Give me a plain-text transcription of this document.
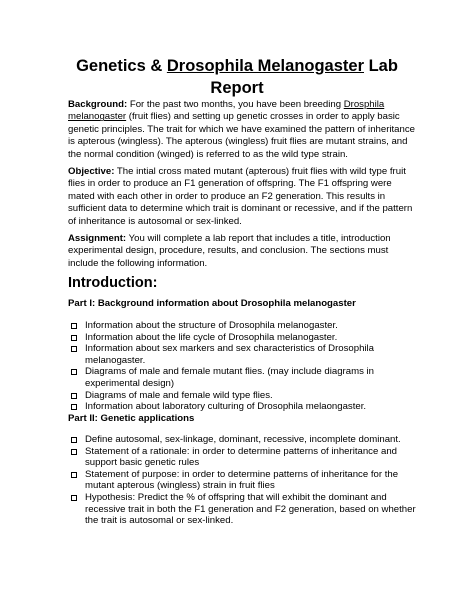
Genetics & Drosophila Melanogaster Lab
Report

Background: For the past two months, you have been breeding Drosphila melanogaster (fruit flies) and setting up genetic crosses in order to apply basic genetic principles. The trait for which we have examined the pattern of inheritance is apterous (wingless). The apterous (wingless) fruit flies are mutant strains, and the normal condition (winged) is referred to as the wild type strain.

Objective: The intial cross mated mutant (apterous) fruit flies with wild type fruit flies in order to produce an F1 generation of offspring. The F1 offspring were mated with each other in order to produce an F2 generation. This results in sufficient data to determine which trait is dominant or recessive, and if the pattern of inheritance is autosomal or sex-linked.

Assignment: You will complete a lab report that includes a title, introduction experimental design, procedure, results, and conclusion. The sections must include the following information.

Introduction:

Part I: Background information about Drosophila melanogaster

Information about the structure of Drosophila melanogaster.
Information about the life cycle of Drosophila melanogaster.
Information about sex markers and sex characteristics of Drosophila melanogaster.
Diagrams of male and female mutant flies. (may include diagrams in experimental design)
Diagrams of male and female wild type flies.
Information about laboratory culturing of Drosophila melaongaster.

Part II: Genetic applications

Define autosomal, sex-linkage, dominant, recessive, incomplete dominant.
Statement of a rationale: in order to determine patterns of inheritance and support basic genetic rules
Statement of purpose: in order to determine patterns of inheritance for the mutant apterous (wingless) strain in fruit flies
Hypothesis: Predict the % of offspring that will exhibit the dominant and recessive trait in both the F1 generation and F2 generation, based on whether the trait is autosomal or sex-linked.
